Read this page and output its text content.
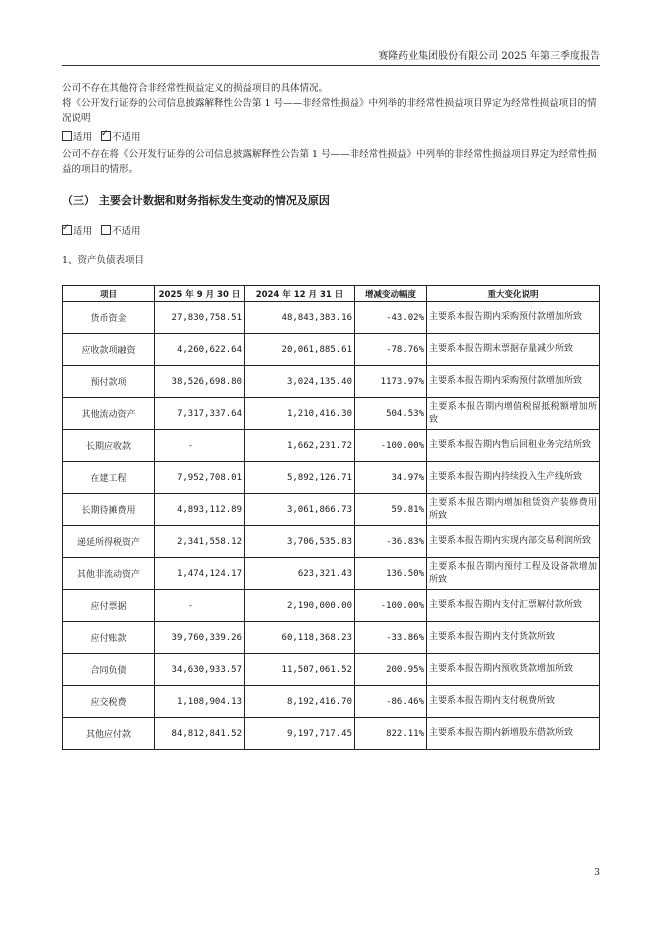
赛隆药业集团股份有限公司 2025 年第三季度报告
公司不存在其他符合非经常性损益定义的损益项目的具体情况。
将《公开发行证券的公司信息披露解释性公告第 1 号——非经常性损益》中列举的非经常性损益项目界定为经常性损益项目的情况说明
适用 ✓ 不适用
公司不存在将《公开发行证券的公司信息披露解释性公告第 1 号——非经常性损益》中列举的非经常性损益项目界定为经常性损益的项目的情形。
（三） 主要会计数据和财务指标发生变动的情况及原因
✓适用 不适用
1、资产负债表项目
项目	2025 年 9 月 30 日	2024 年 12 月 31 日	增减变动幅度	重大变化说明
货币资金	27,830,758.51	48,843,383.16	-43.02%	主要系本报告期内采购预付款增加所致
应收款项融资	4,260,622.64	20,061,885.61	-78.76%	主要系本报告期末票据存量减少所致
预付款项	38,526,698.80	3,024,135.40	1173.97%	主要系本报告期内采购预付款增加所致
其他流动资产	7,317,337.64	1,210,416.30	504.53%	主要系本报告期内增值税留抵税额增加所致
长期应收款	-	1,662,231.72	-100.00%	主要系本报告期内售后回租业务完结所致
在建工程	7,952,708.01	5,892,126.71	34.97%	主要系本报告期内持续投入生产线所致
长期待摊费用	4,893,112.89	3,061,866.73	59.81%	主要系本报告期内增加租赁资产装修费用所致
递延所得税资产	2,341,558.12	3,706,535.83	-36.83%	主要系本报告期内实现内部交易利润所致
其他非流动资产	1,474,124.17	623,321.43	136.50%	主要系本报告期内预付工程及设备款增加所致
应付票据	-	2,190,000.00	-100.00%	主要系本报告期内支付汇票解付款所致
应付账款	39,760,339.26	60,118,368.23	-33.86%	主要系本报告期内支付货款所致
合同负债	34,630,933.57	11,507,061.52	200.95%	主要系本报告期内预收货款增加所致
应交税费	1,108,904.13	8,192,416.70	-86.46%	主要系本报告期内支付税费所致
其他应付款	84,812,841.52	9,197,717.45	822.11%	主要系本报告期内新增股东借款所致
3
